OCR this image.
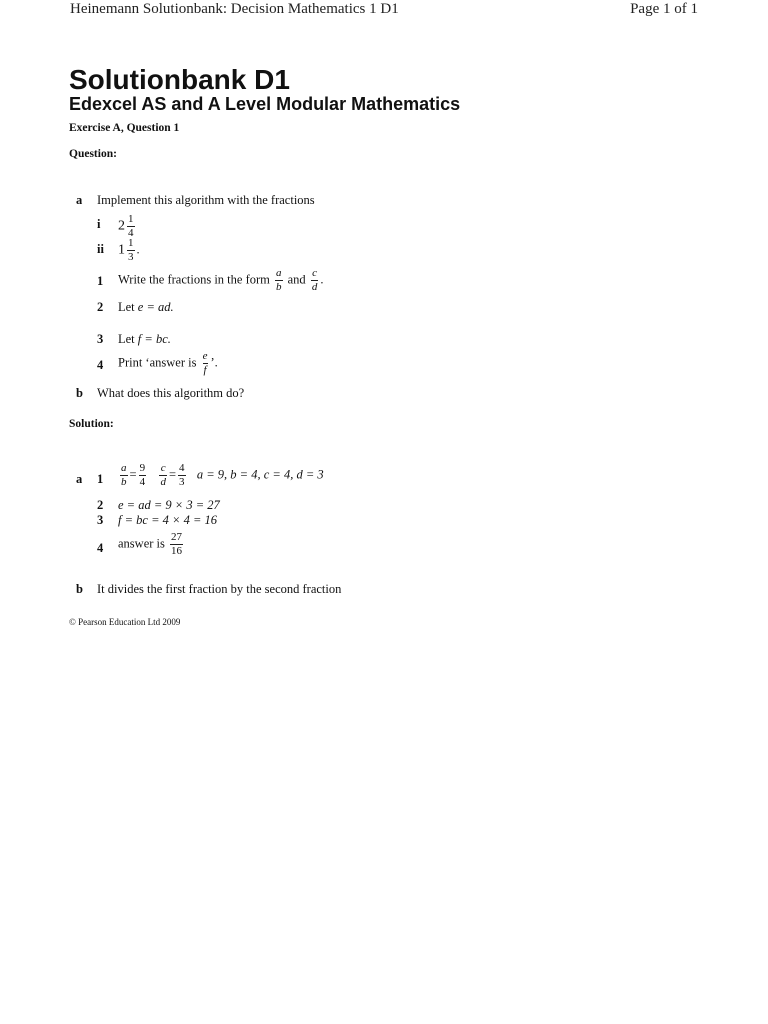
Heinemann Solutionbank: Decision Mathematics 1 D1	Page 1 of 1
Solutionbank D1
Edexcel AS and A Level Modular Mathematics
Exercise A, Question 1
Question:
a Implement this algorithm with the fractions
i $2 \frac{1}{4}$
ii $1 \frac{1}{3}$ .
1 Write the fractions in the form $\frac{a}{b}$ and $\frac{c}{d}$ .
2 Let e = ad.
3 Let f = bc.
4 Print ‘answer is $\frac{e}{f}$ ’.
b What does this algorithm do?
Solution:
a $1 \frac{a}{b} = \frac{9}{4}$
$\frac{c}{d} = \frac{4}{3}$ a = 9, b = 4, c = 4, d = 3
2 e = ad = 9 × 3 = 27
3 f = bc = 4 × 4 = 16
4 answer is $\frac{27}{16}$
b It divides the first fraction by the second fraction
© Pearson Education Ltd 2009
